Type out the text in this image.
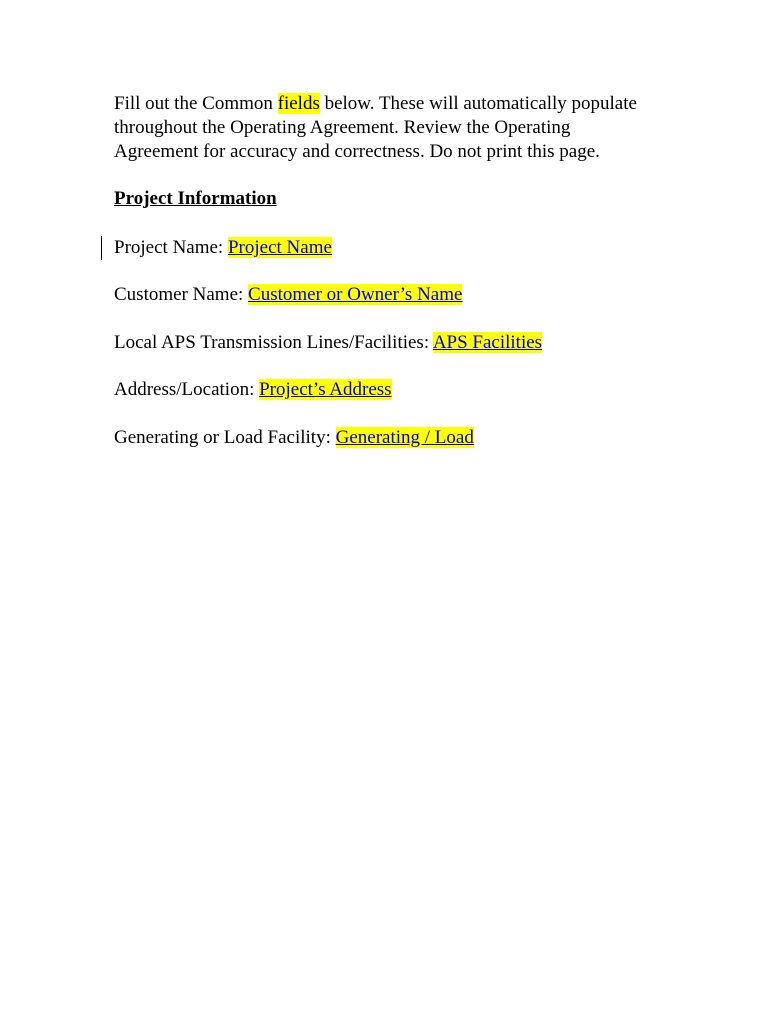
Fill out the Common fields below. These will automatically populate
throughout the Operating Agreement. Review the Operating
Agreement for accuracy and correctness. Do not print this page.
Project Information
Project Name: Project Name
Customer Name: Customer or Owner’s Name
Local APS Transmission Lines/Facilities: APS Facilities
Address/Location: Project’s Address
Generating or Load Facility: Generating / Load
